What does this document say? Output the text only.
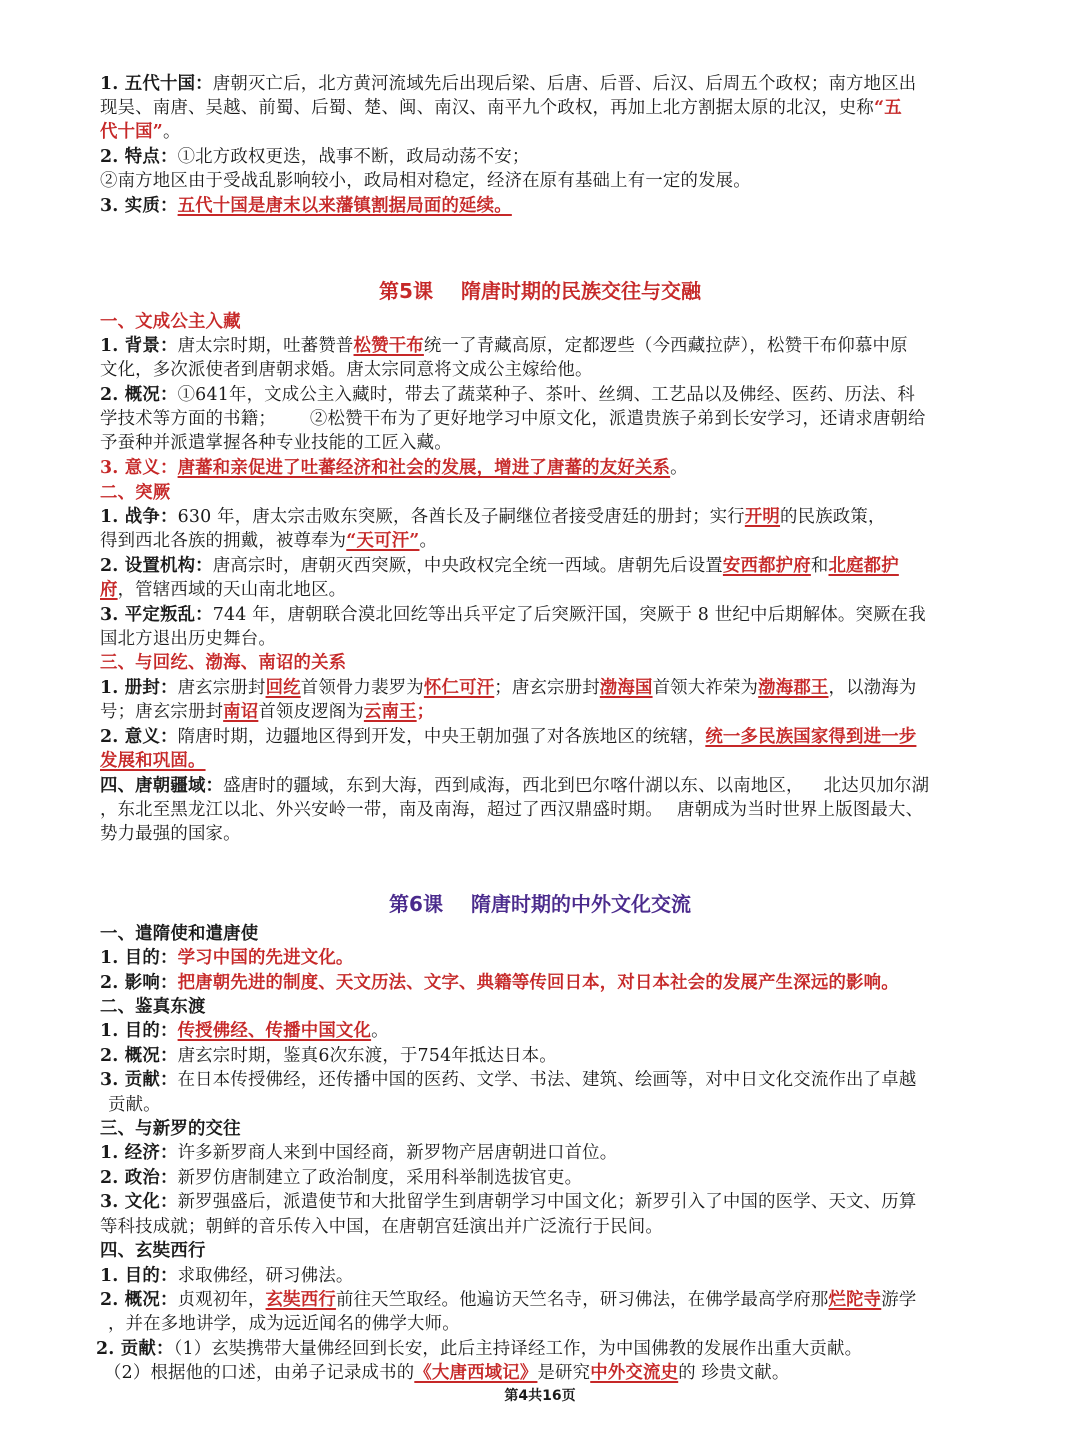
1. 五代十国：唐朝灭亡后，北方黄河流域先后出现后梁、后唐、后晋、后汉、后周五个政权；南方地区出
现吴、南唐、吴越、前蜀、后蜀、楚、闽、南汉、南平九个政权，再加上北方割据太原的北汉，史称“五
代十国”。
2. 特点：①北方政权更迭，战事不断，政局动荡不安；
②南方地区由于受战乱影响较小，政局相对稳定，经济在原有基础上有一定的发展。
3. 实质：五代十国是唐末以来藩镇割据局面的延续。
第5课 隋唐时期的民族交往与交融
一、文成公主入藏
1. 背景：唐太宗时期，吐蕃赞普松赞干布统一了青藏高原，定都逻些（今西藏拉萨），松赞干布仰慕中原
文化，多次派使者到唐朝求婚。唐太宗同意将文成公主嫁给他。
2. 概况：①641年，文成公主入藏时，带去了蔬菜种子、茶叶、丝绸、工艺品以及佛经、医药、历法、科
学技术等方面的书籍； ②松赞干布为了更好地学习中原文化，派遣贵族子弟到长安学习，还请求唐朝给
予蚕种并派遣掌握各种专业技能的工匠入藏。
3. 意义：唐蕃和亲促进了吐蕃经济和社会的发展，增进了唐蕃的友好关系。
二、突厥
1. 战争：630 年，唐太宗击败东突厥，各酋长及子嗣继位者接受唐廷的册封；实行开明的民族政策，
得到西北各族的拥戴，被尊奉为“天可汗”。
2. 设置机构：唐高宗时，唐朝灭西突厥，中央政权完全统一西域。唐朝先后设置安西都护府和北庭都护
府，管辖西域的天山南北地区。
3. 平定叛乱：744 年，唐朝联合漠北回纥等出兵平定了后突厥汗国，突厥于 8 世纪中后期解体。突厥在我
国北方退出历史舞台。
三、与回纥、渤海、南诏的关系
1. 册封：唐玄宗册封回纥首领骨力裴罗为怀仁可汗；唐玄宗册封渤海国首领大祚荣为渤海郡王，以渤海为
号；唐玄宗册封南诏首领皮逻阁为云南王；
2. 意义：隋唐时期，边疆地区得到开发，中央王朝加强了对各族地区的统辖，统一多民族国家得到进一步
发展和巩固。
四、唐朝疆域：盛唐时的疆域，东到大海，西到咸海，西北到巴尔喀什湖以东、以南地区， 北达贝加尔湖
，东北至黑龙江以北、外兴安岭一带，南及南海，超过了西汉鼎盛时期。 唐朝成为当时世界上版图最大、
势力最强的国家。
第6课 隋唐时期的中外文化交流
一、遣隋使和遣唐使
1. 目的：学习中国的先进文化。
2. 影响：把唐朝先进的制度、天文历法、文字、典籍等传回日本，对日本社会的发展产生深远的影响。
二、鉴真东渡
1. 目的：传授佛经、传播中国文化。
2. 概况：唐玄宗时期，鉴真6次东渡，于754年抵达日本。
3. 贡献：在日本传授佛经，还传播中国的医药、文学、书法、建筑、绘画等，对中日文化交流作出了卓越
贡献。
三、与新罗的交往
1. 经济：许多新罗商人来到中国经商，新罗物产居唐朝进口首位。
2. 政治：新罗仿唐制建立了政治制度，采用科举制选拔官吏。
3. 文化：新罗强盛后，派遣使节和大批留学生到唐朝学习中国文化；新罗引入了中国的医学、天文、历算
等科技成就；朝鲜的音乐传入中国，在唐朝宫廷演出并广泛流行于民间。
四、玄奘西行
1. 目的：求取佛经，研习佛法。
2. 概况：贞观初年，玄奘西行前往天竺取经。他遍访天竺名寺，研习佛法，在佛学最高学府那烂陀寺游学
，并在多地讲学，成为远近闻名的佛学大师。
2. 贡献：（1）玄奘携带大量佛经回到长安，此后主持译经工作，为中国佛教的发展作出重大贡献。
（2）根据他的口述，由弟子记录成书的《大唐西域记》是研究中外交流史的 珍贵文献。
第4共16页
